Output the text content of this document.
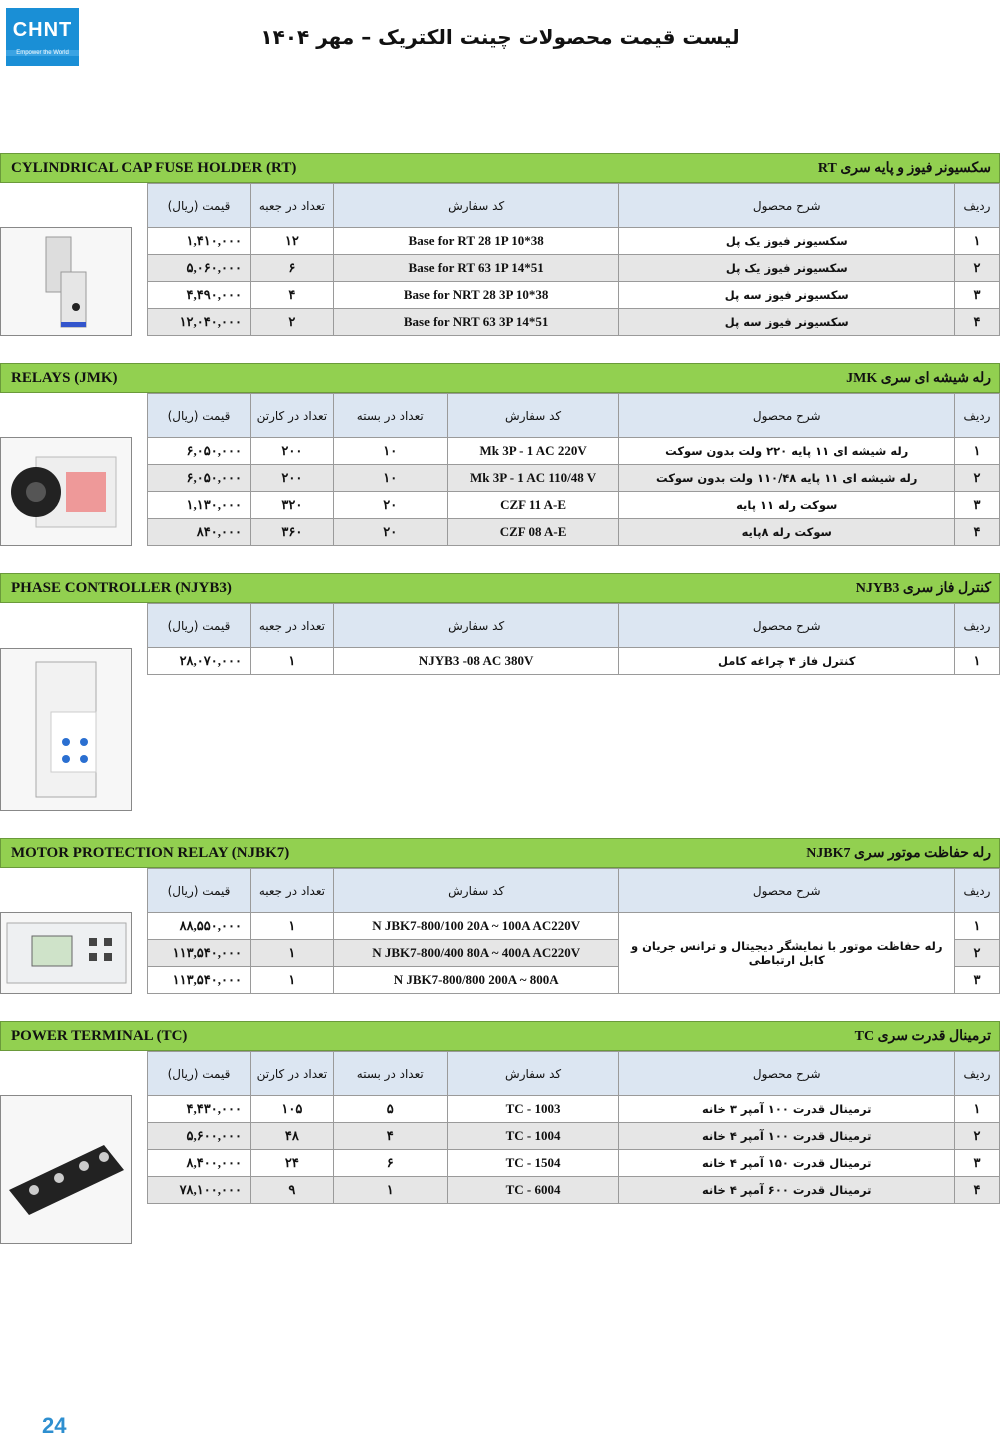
CHNT
Empower the World
لیست قیمت محصولات چینت الکتریک – مهر ۱۴۰۴
CYLINDRICAL CAP FUSE HOLDER (RT)	سکسیونر فیوز و پایه سری RT
قیمت (ریال)	تعداد در جعبه	کد سفارش	شرح محصول	ردیف
۱,۴۱۰,۰۰۰	۱۲	Base for RT 28 1P 10*38	سکسیونر فیوز یک پل	۱
۵,۰۶۰,۰۰۰	۶	Base for RT 63 1P 14*51	سکسیونر فیوز یک پل	۲
۴,۴۹۰,۰۰۰	۴	Base for NRT 28 3P 10*38	سکسیونر فیوز سه پل	۳
۱۲,۰۴۰,۰۰۰	۲	Base for NRT 63 3P 14*51	سکسیونر فیوز سه پل	۴
RELAYS (JMK)	رله شیشه ای سری JMK
قیمت (ریال)	تعداد در کارتن	تعداد در بسته	کد سفارش	شرح محصول	ردیف
۶,۰۵۰,۰۰۰	۲۰۰	۱۰	Mk 3P - 1 AC 220V	رله شیشه ای ۱۱ پایه ۲۲۰ ولت بدون سوکت	۱
۶,۰۵۰,۰۰۰	۲۰۰	۱۰	Mk 3P - 1 AC 110/48 V	رله شیشه ای ۱۱ پایه ۱۱۰/۴۸ ولت بدون سوکت	۲
۱,۱۳۰,۰۰۰	۳۲۰	۲۰	CZF 11 A-E	سوکت رله ۱۱ پایه	۳
۸۴۰,۰۰۰	۳۶۰	۲۰	CZF 08 A-E	سوکت رله ۸پایه	۴
PHASE CONTROLLER (NJYB3)	کنترل فاز سری NJYB3
قیمت (ریال)	تعداد در جعبه	کد سفارش	شرح محصول	ردیف
۲۸,۰۷۰,۰۰۰	۱	NJYB3 -08 AC 380V	کنترل فاز ۴ چراغه کامل	۱
MOTOR PROTECTION RELAY (NJBK7)	رله حفاظت موتور سری NJBK7
قیمت (ریال)	تعداد در جعبه	کد سفارش	شرح محصول	ردیف
۸۸,۵۵۰,۰۰۰	۱	N JBK7-800/100 20A ~ 100A AC220V	رله حفاظت موتور با نمایشگر دیجیتال و ترانس جریان و کابل ارتباطی	۱
۱۱۳,۵۴۰,۰۰۰	۱	N JBK7-800/400 80A ~ 400A AC220V		۲
۱۱۳,۵۴۰,۰۰۰	۱	N JBK7-800/800 200A ~ 800A		۳
POWER TERMINAL (TC)	ترمینال قدرت سری TC
قیمت (ریال)	تعداد در کارتن	تعداد در بسته	کد سفارش	شرح محصول	ردیف
۴,۴۳۰,۰۰۰	۱۰۵	۵	TC - 1003	ترمینال قدرت ۱۰۰ آمپر ۳ خانه	۱
۵,۶۰۰,۰۰۰	۴۸	۴	TC - 1004	ترمینال قدرت ۱۰۰ آمپر ۴ خانه	۲
۸,۴۰۰,۰۰۰	۲۴	۶	TC - 1504	ترمینال قدرت ۱۵۰ آمپر ۴ خانه	۳
۷۸,۱۰۰,۰۰۰	۹	۱	TC - 6004	ترمینال قدرت ۶۰۰ آمپر ۴ خانه	۴
24
